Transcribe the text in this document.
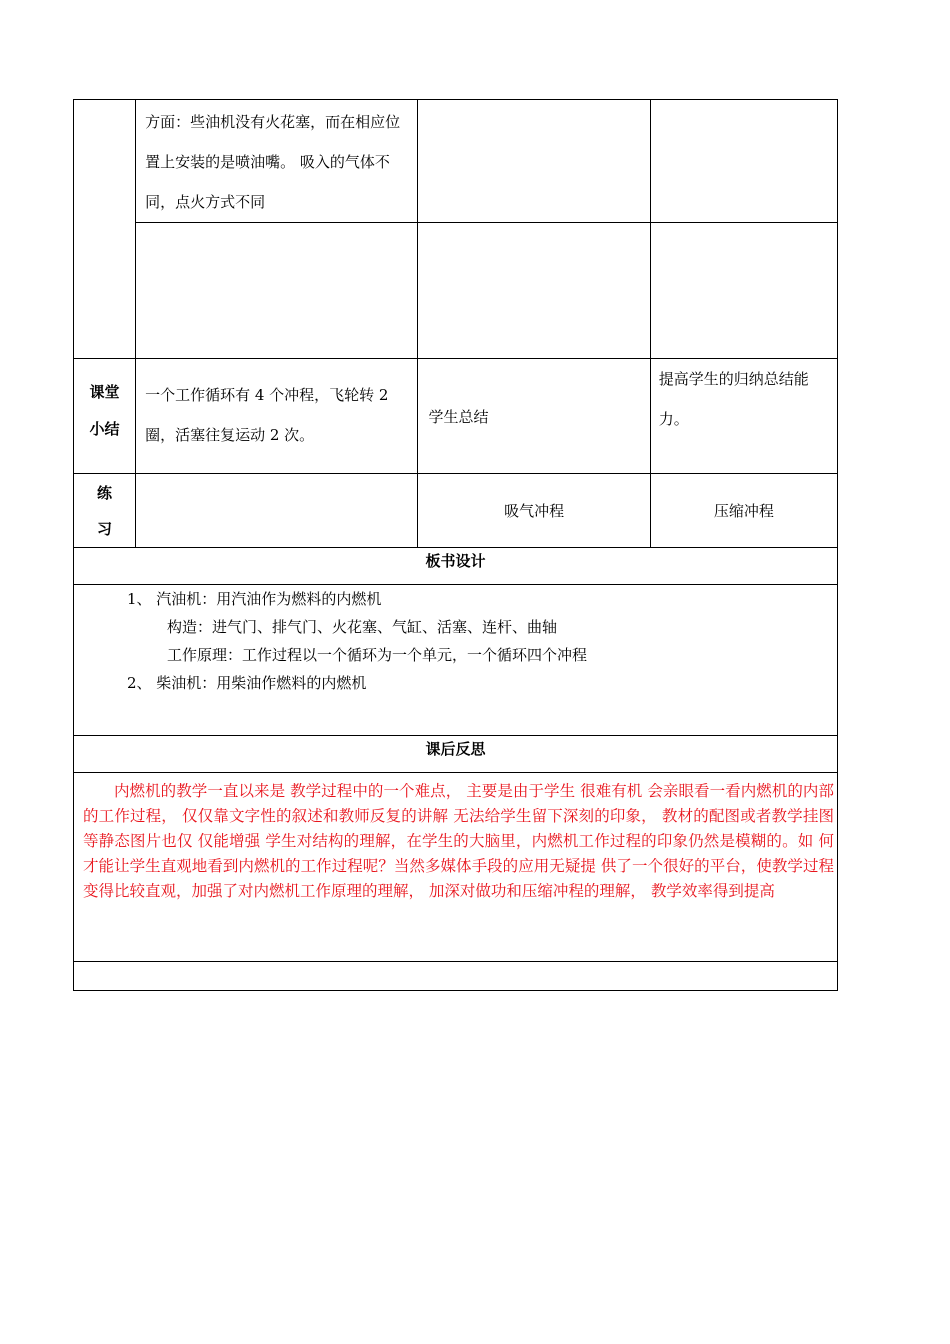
	方面：些油机没有火花塞，而在相应位置上安装的是喷油嘴。 吸入的气体不同，点火方式不同		

课堂
小结	一个工作循环有 4 个冲程，飞轮转 2 圈，活塞往复运动 2 次。	学生总结	提高学生的归纳总结能力。

练
习		吸气冲程	压缩冲程

板书设计			

1、 汽油机：用汽油作为燃料的内燃机
构造：进气门、排气门、火花塞、气缸、活塞、连杆、曲轴
工作原理：工作过程以一个循环为一个单元，一个循环四个冲程
2、 柴油机：用柴油作燃料的内燃机			

课后反思			

内燃机的教学一直以来是 教学过程中的一个难点， 主要是由于学生 很难有机 会亲眼看一看内燃机的内部的工作过程， 仅仅靠文字性的叙述和教师反复的讲解 无法给学生留下深刻的印象， 教材的配图或者教学挂图等静态图片也仅 仅能增强 学生对结构的理解，在学生的大脑里，内燃机工作过程的印象仍然是模糊的。如 何才能让学生直观地看到内燃机的工作过程呢？当然多媒体手段的应用无疑提 供了一个很好的平台，使教学过程变得比较直观，加强了对内燃机工作原理的理解， 加深对做功和压缩冲程的理解， 教学效率得到提高			
